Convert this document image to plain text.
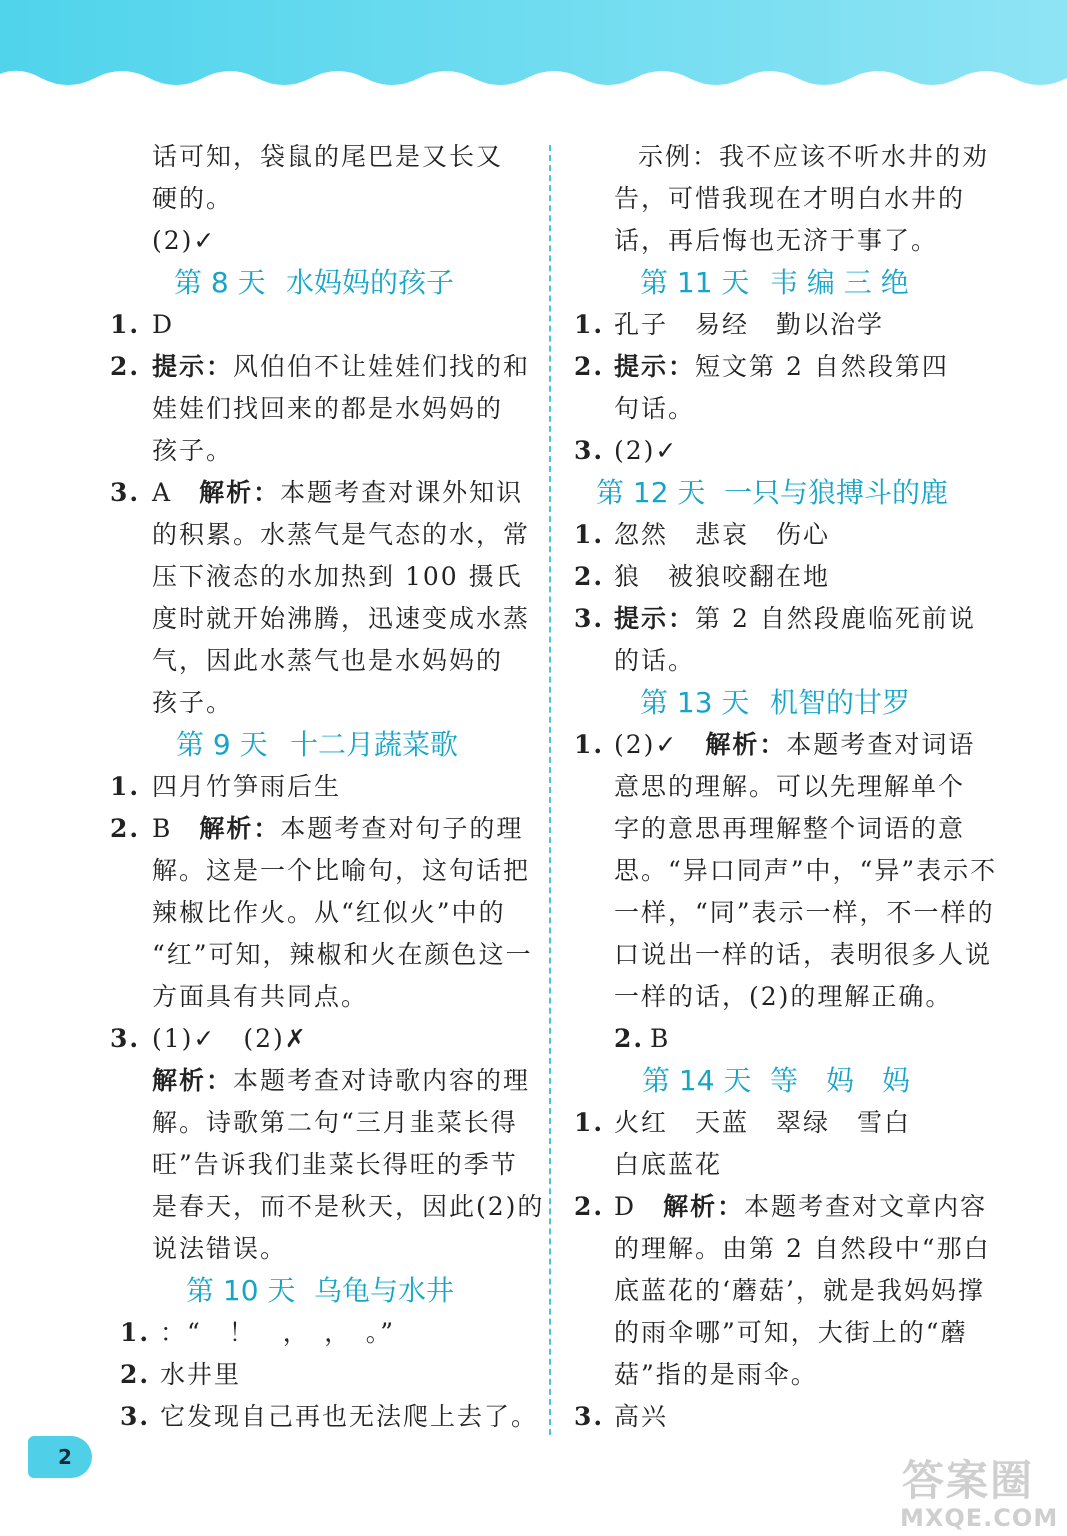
话可知，袋鼠的尾巴是又长又
硬的。
(2)✓
第 8 天 水妈妈的孩子
1. D
2. 提示：风伯伯不让娃娃们找的和
娃娃们找回来的都是水妈妈的
孩子。
3. A　 解析：本题考查对课外知识
的积累。水蒸气是气态的水，常
压下液态的水加热到 100 摄氏
度时就开始沸腾，迅速变成水蒸
气，因此水蒸气也是水妈妈的
孩子。
第 9 天 十二月蔬菜歌
1. 四月竹笋雨后生
2. B　 解析：本题考查对句子的理
解。这是一个比喻句，这句话把
辣椒比作火。从“红似火”中的
“红”可知，辣椒和火在颜色这一
方面具有共同点。
3. (1)✓　(2)✗
解析：本题考查对诗歌内容的理
解。诗歌第二句“三月韭菜长得
旺”告诉我们韭菜长得旺的季节
是春天，而不是秋天，因此(2)的
说法错误。
第 10 天 乌龟与水井
1. ：“　！　，　，　。”
2. 水井里
3. 它发现自己再也无法爬上去了。
示例：我不应该不听水井的劝
告，可惜我现在才明白水井的
话，再后悔也无济于事了。
第 11 天 韦 编 三 绝
1. 孔子　易经　勤以治学
2. 提示：短文第 2 自然段第四
句话。
3. (2)✓
第 12 天 一只与狼搏斗的鹿
1. 忽然　悲哀　伤心
2. 狼　被狼咬翻在地
3. 提示：第 2 自然段鹿临死前说
的话。
第 13 天 机智的甘罗
1. (2)✓　 解析：本题考查对词语
意思的理解。可以先理解单个
字的意思再理解整个词语的意
思。“异口同声”中，“异”表示不
一样，“同”表示一样，不一样的
口说出一样的话，表明很多人说
一样的话，(2)的理解正确。
2. B
第 14 天 等　妈　妈
1. 火红　天蓝　翠绿　雪白
白底蓝花
2. D　 解析：本题考查对文章内容
的理解。由第 2 自然段中“那白
底蓝花的‘蘑菇’，就是我妈妈撑
的雨伞哪”可知，大街上的“蘑
菇”指的是雨伞。
3. 高兴
2	答案圈
MXQE.COM
